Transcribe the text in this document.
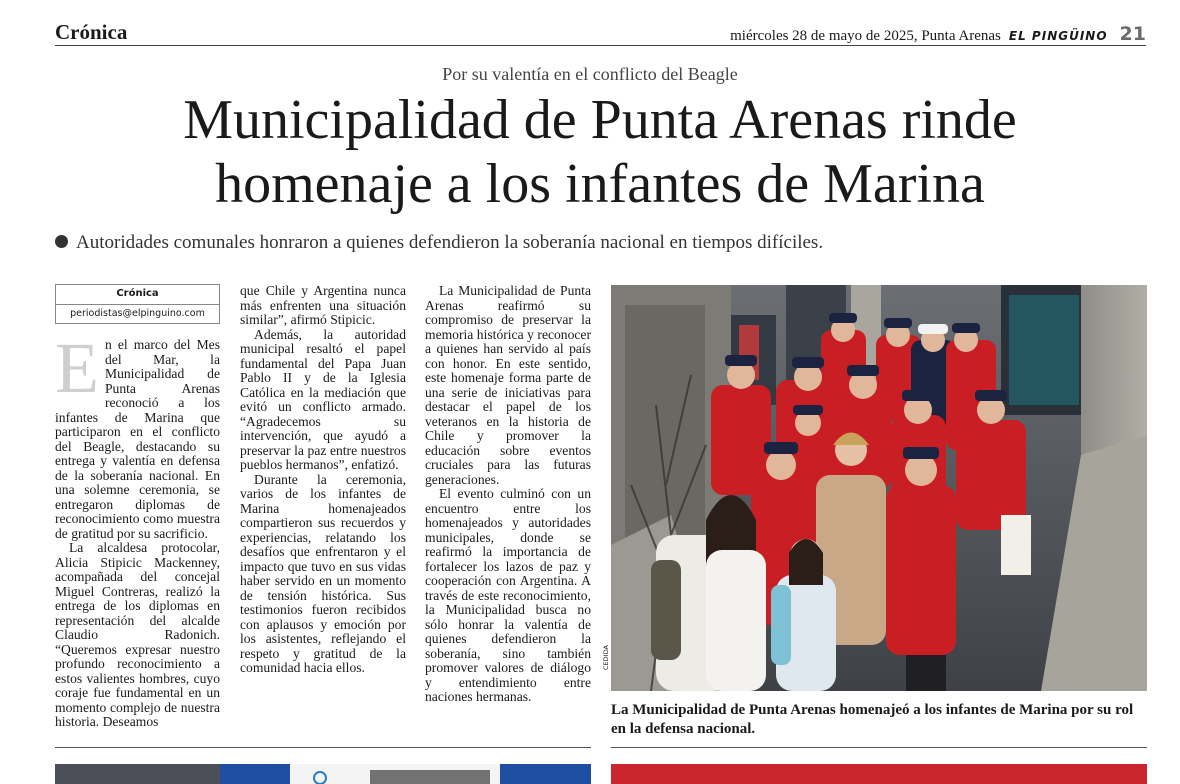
Crónica	miércoles 28 de mayo de 2025, Punta Arenas EL PINGÜINO 21
Por su valentía en el conflicto del Beagle
Municipalidad de Punta Arenas rinde
homenaje a los infantes de Marina
Autoridades comunales honraron a quienes defendieron la soberanía nacional en tiempos difíciles.
Crónica
periodistas@elpinguino.com

En el marco del Mes del Mar, la Municipalidad de Punta Arenas reconoció a los infantes de Marina que participaron en el conflicto del Beagle, destacando su entrega y valentía en defensa de la soberanía nacional. En una solemne ceremonia, se entregaron diplomas de reconocimiento como muestra de gratitud por su sacrificio.

La alcaldesa protocolar, Alicia Stipicic Mackenney, acompañada del concejal Miguel Contreras, realizó la entrega de los diplomas en representación del alcalde Claudio Radonich. “Queremos expresar nuestro profundo reconocimiento a estos valientes hombres, cuyo coraje fue fundamental en un momento complejo de nuestra historia. Deseamos

que Chile y Argentina nunca más enfrenten una situación similar”, afirmó Stipicic.

Además, la autoridad municipal resaltó el papel fundamental del Papa Juan Pablo II y de la Iglesia Católica en la mediación que evitó un conflicto armado. “Agradecemos su intervención, que ayudó a preservar la paz entre nuestros pueblos hermanos”, enfatizó.

Durante la ceremonia, varios de los infantes de Marina homenajeados compartieron sus recuerdos y experiencias, relatando los desafíos que enfrentaron y el impacto que tuvo en sus vidas haber servido en un momento de tensión histórica. Sus testimonios fueron recibidos con aplausos y emoción por los asistentes, reflejando el respeto y gratitud de la comunidad hacia ellos.

La Municipalidad de Punta Arenas reafirmó su compromiso de preservar la memoria histórica y reconocer a quienes han servido al país con honor. En este sentido, este homenaje forma parte de una serie de iniciativas para destacar el papel de los veteranos en la historia de Chile y promover la educación sobre eventos cruciales para las futuras generaciones.

El evento culminó con un encuentro entre los homenajeados y autoridades municipales, donde se reafirmó la importancia de fortalecer los lazos de paz y cooperación con Argentina. A través de este reconocimiento, la Municipalidad busca no sólo honrar la valentía de quienes defendieron la soberanía, sino también promover valores de diálogo y entendimiento entre naciones hermanas.

CEDIDA
La Municipalidad de Punta Arenas homenajeó a los infantes de Marina por su rol en la defensa nacional.
